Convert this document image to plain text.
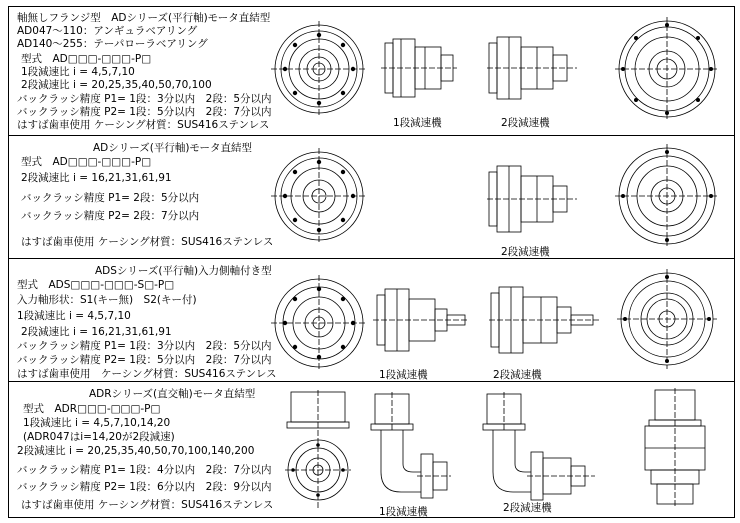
軸無しフランジ型　ADシリーズ(平行軸)モータ直結型
AD047～110：アンギュラベアリング
AD140～255：テーパローラベアリング
型式　AD□□□-□□□-P□
1段減速比 i = 4,5,7,10
2段減速比 i = 20,25,35,40,50,70,100
バックラッシ精度 P1= 1段：3分以内　2段：5分以内
バックラッシ精度 P2= 1段：5分以内　2段：7分以内
はすば歯車使用 ケーシング材質：SUS416ステンレス	1段減速機	2段減速機
ADシリーズ(平行軸)モータ直結型
型式　AD□□□-□□□-P□
2段減速比 i = 16,21,31,61,91
バックラッシ精度 P1= 2段：5分以内
バックラッシ精度 P2= 2段：7分以内
はすば歯車使用 ケーシング材質：SUS416ステンレス
2段減速機
ADSシリーズ(平行軸)入力側軸付き型
型式　ADS□□□-□□□-S□-P□
入力軸形状：S1(キー無)　S2(キー付)
1段減速比 i = 4,5,7,10
2段減速比 i = 16,21,31,61,91
バックラッシ精度 P1= 1段：3分以内　2段：5分以内
バックラッシ精度 P2= 1段：5分以内　2段：7分以内
はすば歯車使用　ケーシング材質：SUS416ステンレス	1段減速機	2段減速機
ADRシリーズ(直交軸)モータ直結型
型式　ADR□□□-□□□-P□
1段減速比 i = 4,5,7,10,14,20
(ADR047はi=14,20が2段減速)
2段減速比 i = 20,25,35,40,50,70,100,140,200
バックラッシ精度 P1= 1段：4分以内　2段：7分以内
バックラッシ精度 P2= 1段：6分以内　2段：9分以内
はすば歯車使用 ケーシング材質：SUS416ステンレス
1段減速機	2段減速機
